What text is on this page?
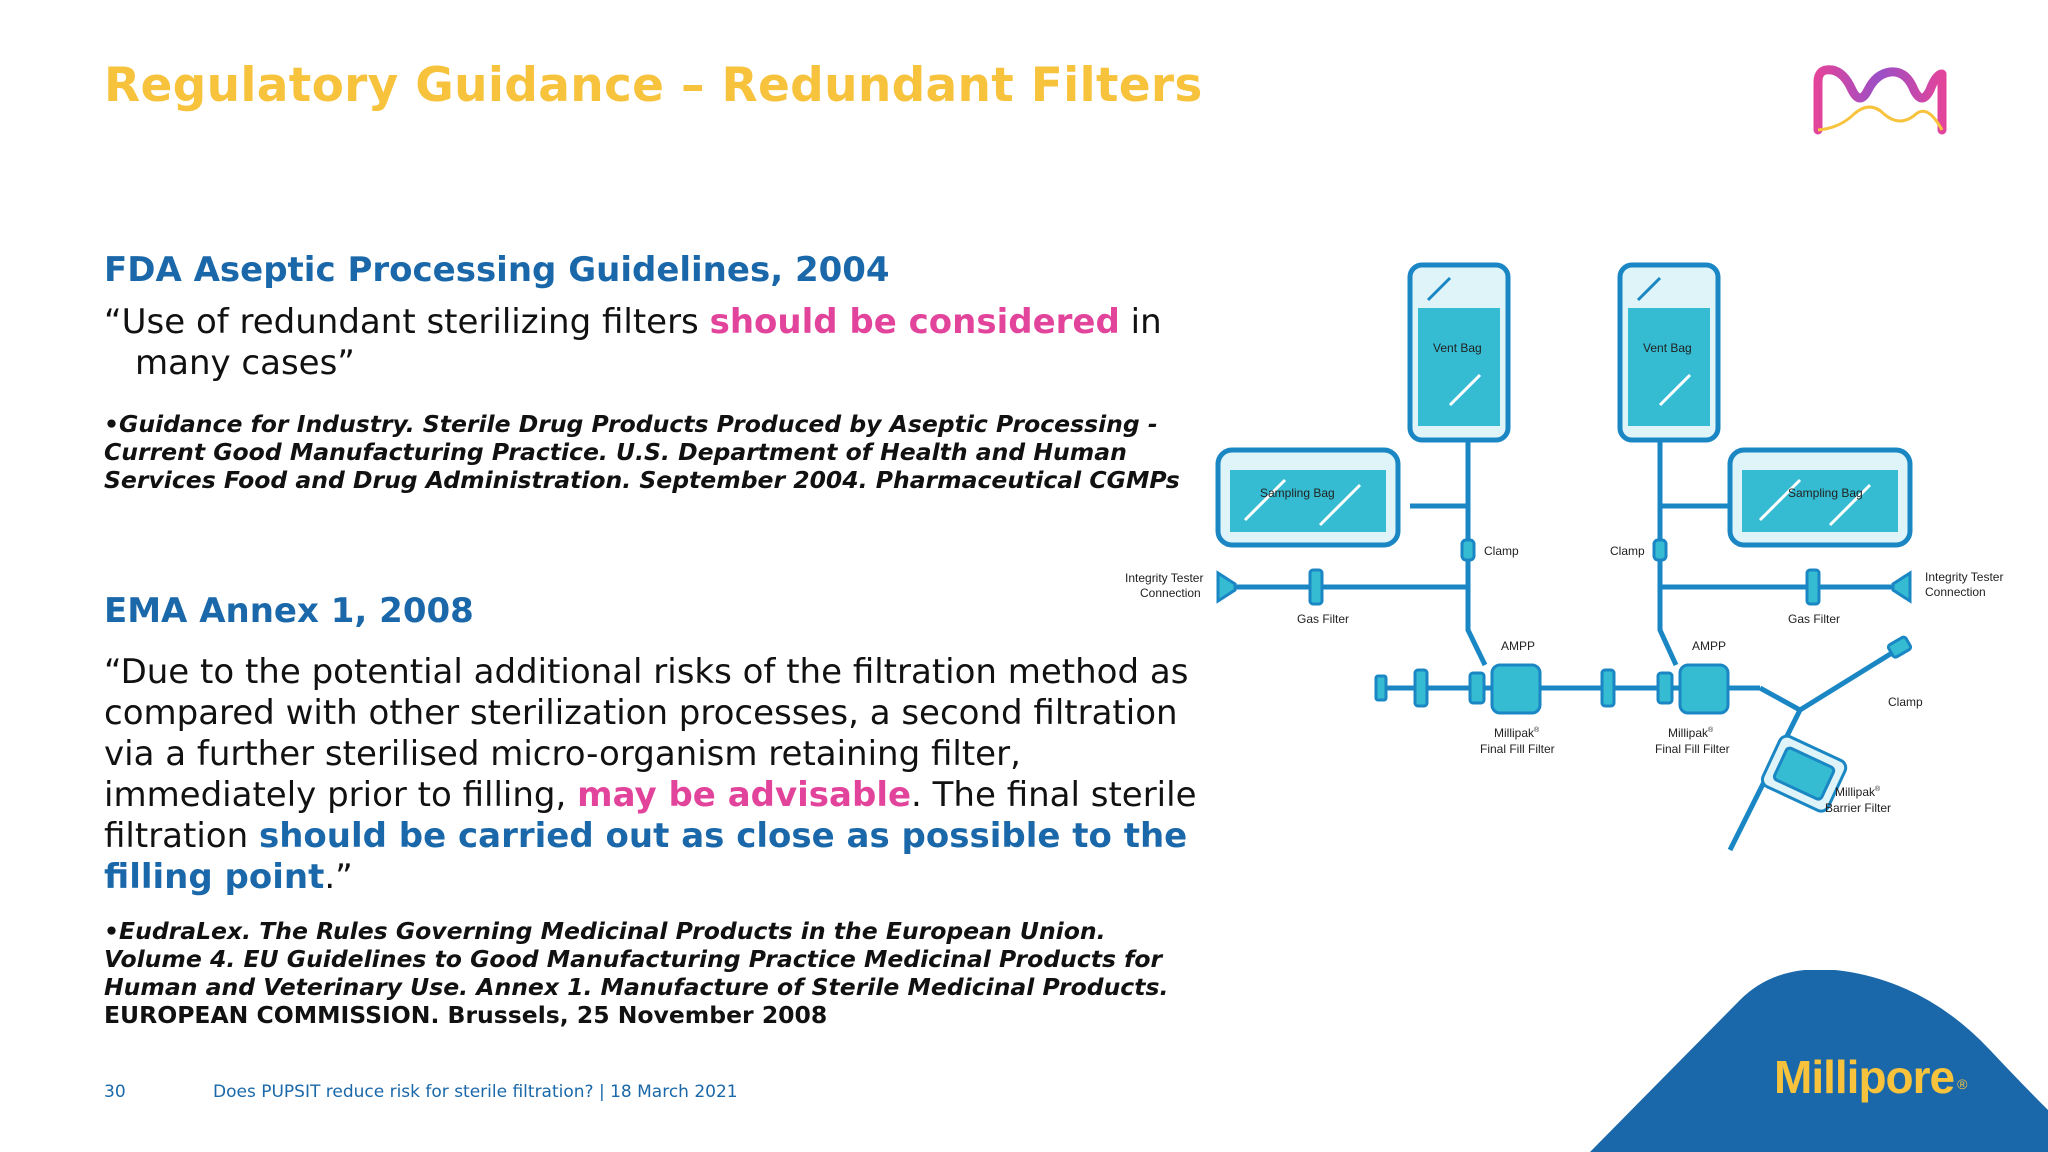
Regulatory Guidance – Redundant Filters
FDA Aseptic Processing Guidelines, 2004
“Use of redundant sterilizing filters should be considered in
many cases”

•Guidance for Industry. Sterile Drug Products Produced by Aseptic Processing - Current Good Manufacturing Practice. U.S. Department of Health and Human Services Food and Drug Administration. September 2004. Pharmaceutical CGMPs

EMA Annex 1, 2008

“Due to the potential additional risks of the filtration method as compared with other sterilization processes, a second filtration via a further sterilised micro-organism retaining filter, immediately prior to filling, may be advisable. The final sterile filtration should be carried out as close as possible to the filling point.”

•EudraLex. The Rules Governing Medicinal Products in the European Union. Volume 4. EU Guidelines to Good Manufacturing Practice Medicinal Products for Human and Veterinary Use. Annex 1. Manufacture of Sterile Medicinal Products. EUROPEAN COMMISSION. Brussels, 25 November 2008

30	Does PUPSIT reduce risk for sterile filtration? | 18 March 2021
Vent Bag	Vent Bag
Sampling Bag	Sampling Bag
Clamp	Clamp
Clamp
Integrity Tester
Connection
Integrity Tester
Connection
Gas Filter	Gas Filter
AMPP	AMPP
Millipak®
Final Fill Filter
Millipak®
Final Fill Filter
Millipak®
Barrier Filter
Millipore ®
